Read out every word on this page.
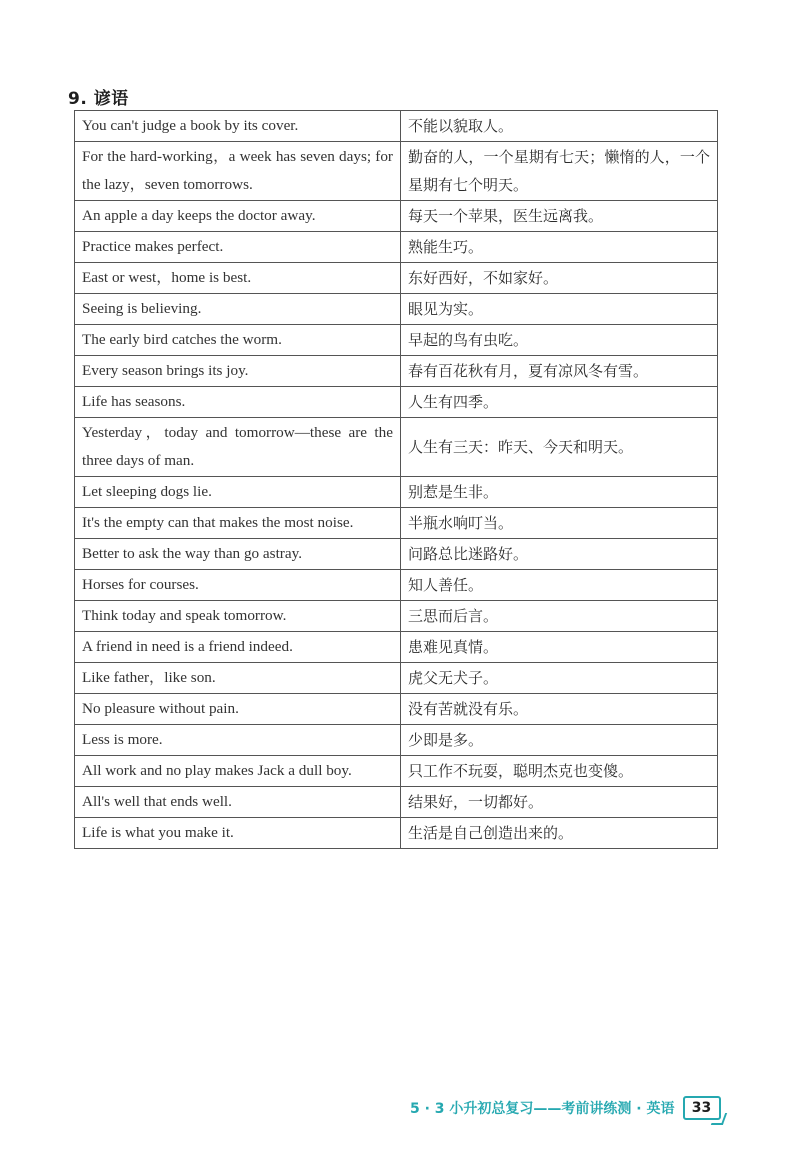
9. 谚语
You can't judge a book by its cover.	不能以貌取人。
For the hard-working，a week has seven days; for the lazy，seven tomorrows.	勤奋的人，一个星期有七天；懒惰的人，一个星期有七个明天。
An apple a day keeps the doctor away.	每天一个苹果，医生远离我。
Practice makes perfect.	熟能生巧。
East or west，home is best.	东好西好，不如家好。
Seeing is believing.	眼见为实。
The early bird catches the worm.	早起的鸟有虫吃。
Every season brings its joy.	春有百花秋有月，夏有凉风冬有雪。
Life has seasons.	人生有四季。
Yesterday，today and tomorrow—these are the three days of man.	人生有三天：昨天、今天和明天。
Let sleeping dogs lie.	别惹是生非。
It's the empty can that makes the most noise.	半瓶水响叮当。
Better to ask the way than go astray.	问路总比迷路好。
Horses for courses.	知人善任。
Think today and speak tomorrow.	三思而后言。
A friend in need is a friend indeed.	患难见真情。
Like father，like son.	虎父无犬子。
No pleasure without pain.	没有苦就没有乐。
Less is more.	少即是多。
All work and no play makes Jack a dull boy.	只工作不玩耍，聪明杰克也变傻。
All's well that ends well.	结果好，一切都好。
Life is what you make it.	生活是自己创造出来的。
5 · 3 小升初总复习——考前讲练测 · 英语 33
